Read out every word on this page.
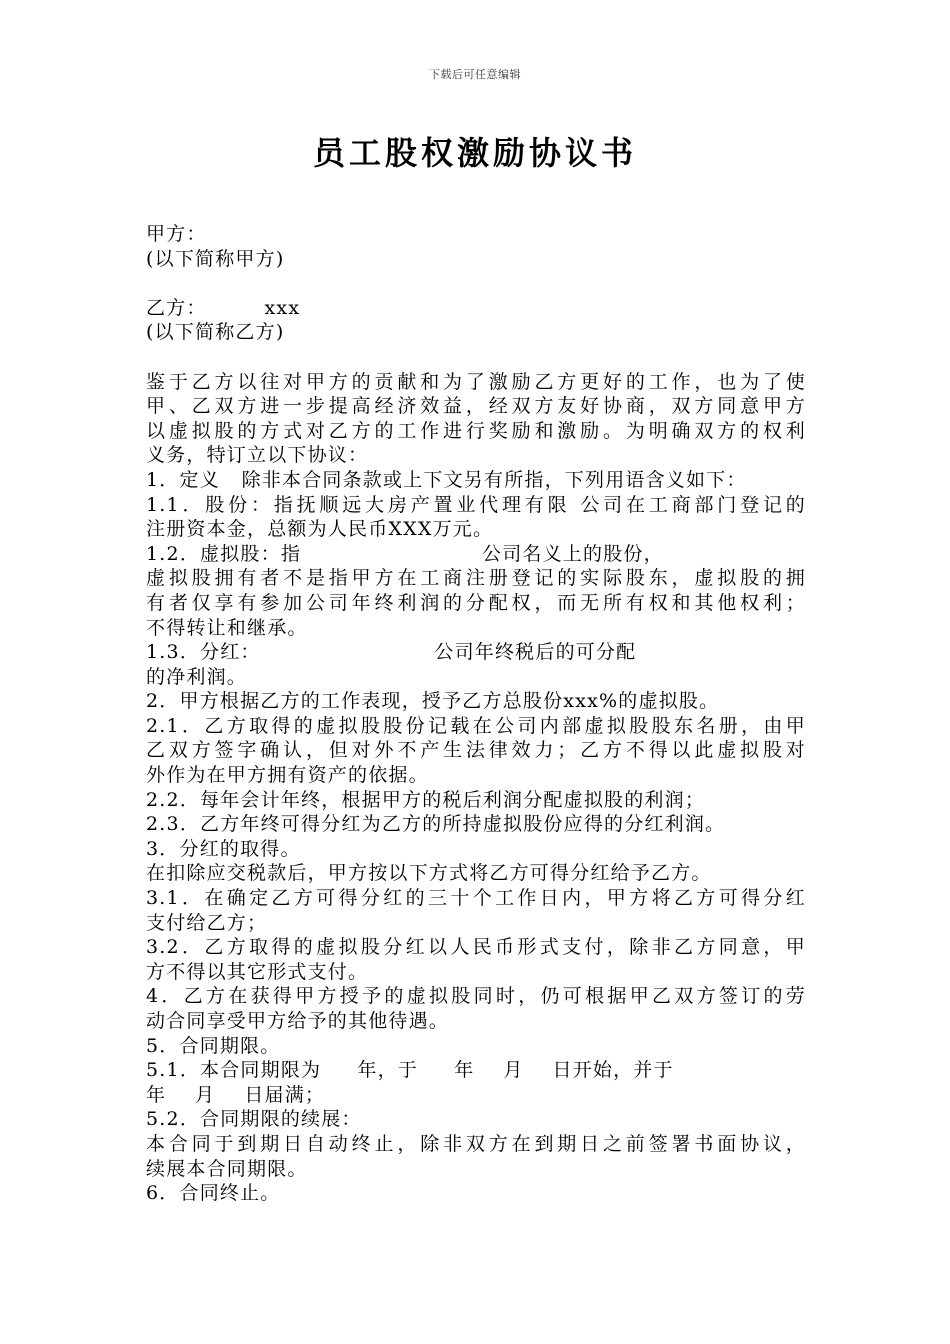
下载后可任意编辑
员工股权激励协议书
甲方：
(以下简称甲方)
乙方：        xxx
(以下简称乙方)
鉴于乙方以往对甲方的贡献和为了激励乙方更好的工作，也为了使
甲、乙双方进一步提高经济效益，经双方友好协商，双方同意甲方
以虚拟股的方式对乙方的工作进行奖励和激励。为明确双方的权利
义务，特订立以下协议：
1．定义   除非本合同条款或上下文另有所指，下列用语含义如下：
1.1．股份：指抚顺远大房产置业代理有限 公司在工商部门登记的
注册资本金，总额为人民币XXX万元。
1.2．虚拟股：指                         公司名义上的股份，
虚拟股拥有者不是指甲方在工商注册登记的实际股东，虚拟股的拥
有者仅享有参加公司年终利润的分配权，而无所有权和其他权利；
不得转让和继承。
1.3．分红：                        公司年终税后的可分配
的净利润。
2．甲方根据乙方的工作表现，授予乙方总股份xxx%的虚拟股。
2.1．乙方取得的虚拟股股份记载在公司内部虚拟股股东名册，由甲
乙双方签字确认，但对外不产生法律效力；乙方不得以此虚拟股对
外作为在甲方拥有资产的依据。
2.2．每年会计年终，根据甲方的税后利润分配虚拟股的利润；
2.3．乙方年终可得分红为乙方的所持虚拟股份应得的分红利润。
3．分红的取得。
在扣除应交税款后，甲方按以下方式将乙方可得分红给予乙方。
3.1．在确定乙方可得分红的三十个工作日内，甲方将乙方可得分红
支付给乙方；
3.2．乙方取得的虚拟股分红以人民币形式支付，除非乙方同意，甲
方不得以其它形式支付。
4．乙方在获得甲方授予的虚拟股同时，仍可根据甲乙双方签订的劳
动合同享受甲方给予的其他待遇。
5．合同期限。
5.1．本合同期限为     年，于     年    月    日开始，并于
年    月    日届满；
5.2．合同期限的续展：
本合同于到期日自动终止，除非双方在到期日之前签署书面协议，
续展本合同期限。
6．合同终止。
